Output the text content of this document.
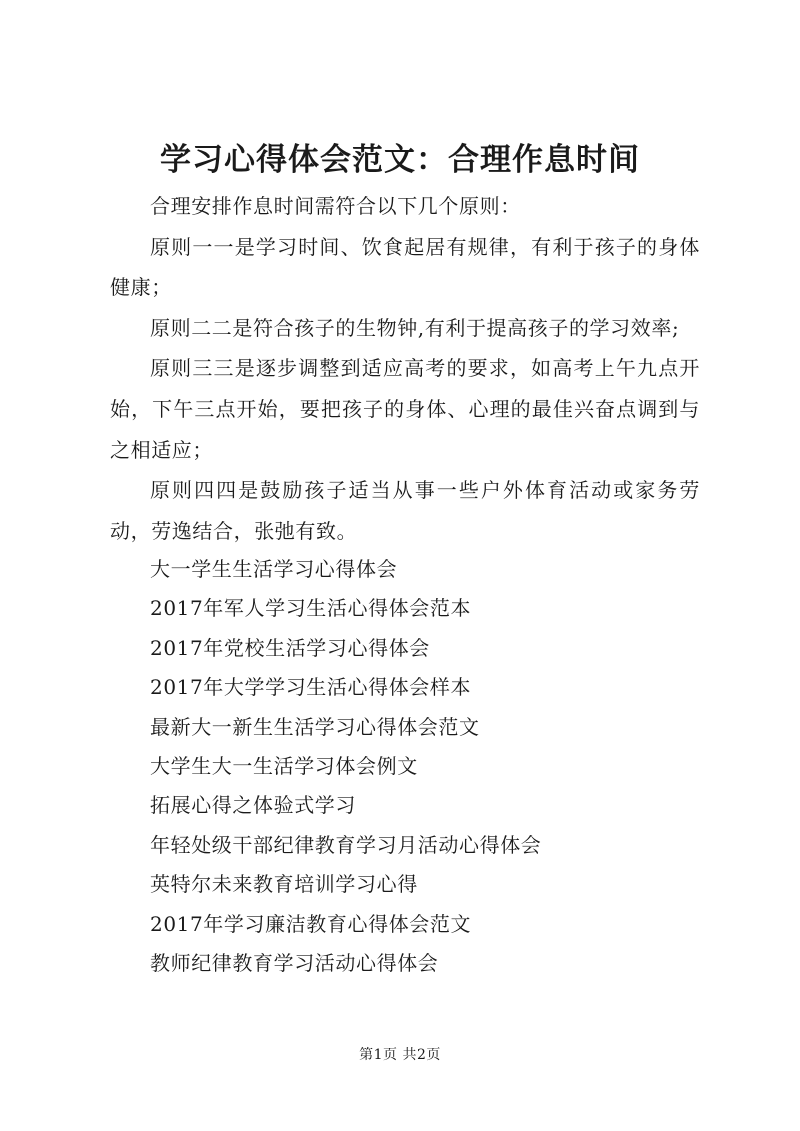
学习心得体会范文：合理作息时间

合理安排作息时间需符合以下几个原则：

原则一一是学习时间、饮食起居有规律，有利于孩子的身体健康；

原则二二是符合孩子的生物钟,有利于提高孩子的学习效率;

原则三三是逐步调整到适应高考的要求，如高考上午九点开始，下午三点开始，要把孩子的身体、心理的最佳兴奋点调到与之相适应；

原则四四是鼓励孩子适当从事一些户外体育活动或家务劳动，劳逸结合，张弛有致。

大一学生生活学习心得体会
2017年军人学习生活心得体会范本
2017年党校生活学习心得体会
2017年大学学习生活心得体会样本
最新大一新生生活学习心得体会范文
大学生大一生活学习体会例文
拓展心得之体验式学习
年轻处级干部纪律教育学习月活动心得体会
英特尔未来教育培训学习心得
2017年学习廉洁教育心得体会范文
教师纪律教育学习活动心得体会
第1页 共2页
